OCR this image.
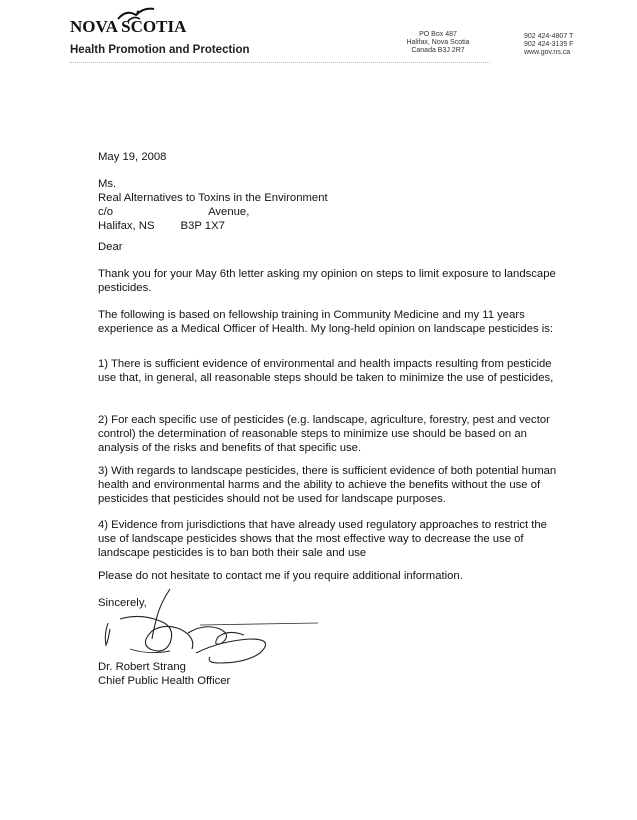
NOVA SCOTIA
Health Promotion and Protection
PO Box 487
Halifax, Nova Scotia
Canada B3J 2R7
902 424-4807 T
902 424-3135 F
www.gov.ns.ca
May 19, 2008
Ms.
Real Alternatives to Toxins in the Environment
c/o	Avenue,
Halifax, NS B3P 1X7
Dear
Thank you for your May 6th letter asking my opinion on steps to limit exposure to landscape pesticides.
The following is based on fellowship training in Community Medicine and my 11 years experience as a Medical Officer of Health. My long-held opinion on landscape pesticides is:
1) There is sufficient evidence of environmental and health impacts resulting from pesticide use that, in general, all reasonable steps should be taken to minimize the use of pesticides,
2) For each specific use of pesticides (e.g. landscape, agriculture, forestry, pest and vector control) the determination of reasonable steps to minimize use should be based on an analysis of the risks and benefits of that specific use.
3) With regards to landscape pesticides, there is sufficient evidence of both potential human health and environmental harms and the ability to achieve the benefits without the use of pesticides that pesticides should not be used for landscape purposes.
4) Evidence from jurisdictions that have already used regulatory approaches to restrict the use of landscape pesticides shows that the most effective way to decrease the use of landscape pesticides is to ban both their sale and use
Please do not hesitate to contact me if you require additional information.
Sincerely,
Dr. Robert Strang
Chief Public Health Officer
